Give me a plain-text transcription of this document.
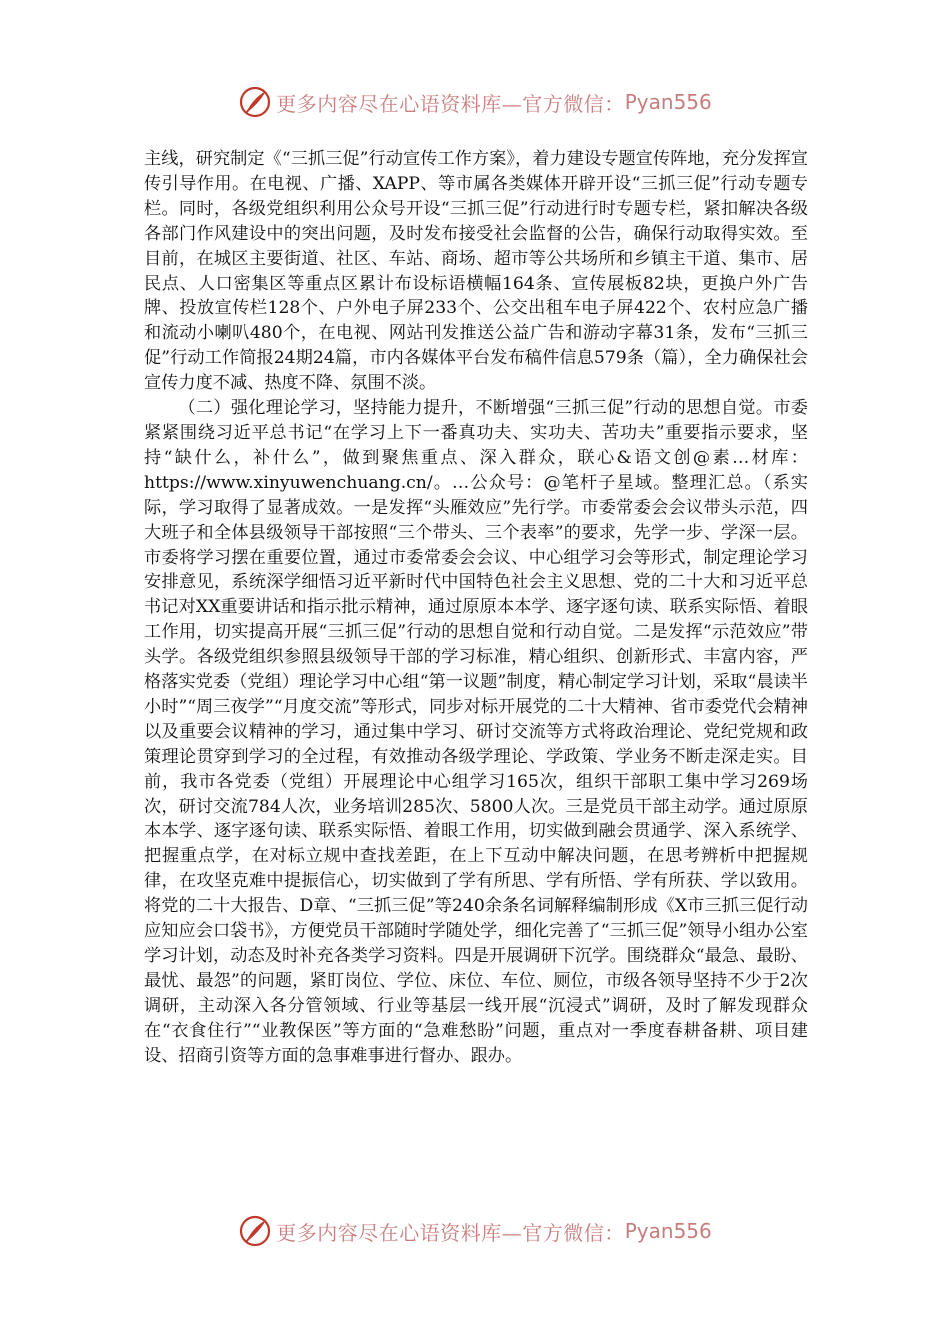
更多内容尽在心语资料库—官方微信： Pyan556

主线，研究制定《“三抓三促”行动宣传工作方案》，着力建设专题宣传阵地，充分发挥宣传引导作用。在电视、广播、XAPP、等市属各类媒体开辟开设“三抓三促”行动专题专栏。同时，各级党组织利用公众号开设“三抓三促”行动进行时专题专栏，紧扣解决各级各部门作风建设中的突出问题，及时发布接受社会监督的公告，确保行动取得实效。至目前，在城区主要街道、社区、车站、商场、超市等公共场所和乡镇主干道、集市、居民点、人口密集区等重点区累计布设标语横幅164条、宣传展板82块，更换户外广告牌、投放宣传栏128个、户外电子屏233个、公交出租车电子屏422个、农村应急广播和流动小喇叭480个，在电视、网站刊发推送公益广告和游动字幕31条，发布“三抓三促”行动工作简报24期24篇，市内各媒体平台发布稿件信息579条（篇），全力确保社会宣传力度不减、热度不降、氛围不淡。

（二）强化理论学习，坚持能力提升，不断增强“三抓三促”行动的思想自觉。市委紧紧围绕习近平总书记“在学习上下一番真功夫、实功夫、苦功夫”重要指示要求，坚持“缺什么，补什么”，做到聚焦重点、深入群众，联心&语文创@素…材库：https://www.xinyuwenchuang.cn/。…公众号：@笔杆子星域。整理汇总。（系实际，学习取得了显著成效。一是发挥“头雁效应”先行学。市委常委会会议带头示范，四大班子和全体县级领导干部按照“三个带头、三个表率”的要求，先学一步、学深一层。市委将学习摆在重要位置，通过市委常委会会议、中心组学习会等形式，制定理论学习安排意见，系统深学细悟习近平新时代中国特色社会主义思想、党的二十大和习近平总书记对XX重要讲话和指示批示精神，通过原原本本学、逐字逐句读、联系实际悟、着眼工作用，切实提高开展“三抓三促”行动的思想自觉和行动自觉。二是发挥“示范效应”带头学。各级党组织参照县级领导干部的学习标准，精心组织、创新形式、丰富内容，严格落实党委（党组）理论学习中心组“第一议题”制度，精心制定学习计划，采取“晨读半小时”“周三夜学”“月度交流”等形式，同步对标开展党的二十大精神、省市委党代会精神以及重要会议精神的学习，通过集中学习、研讨交流等方式将政治理论、党纪党规和政策理论贯穿到学习的全过程，有效推动各级学理论、学政策、学业务不断走深走实。目前，我市各党委（党组）开展理论中心组学习165次，组织干部职工集中学习269场次，研讨交流784人次，业务培训285次、5800人次。三是党员干部主动学。通过原原本本学、逐字逐句读、联系实际悟、着眼工作用，切实做到融会贯通学、深入系统学、把握重点学，在对标立规中查找差距，在上下互动中解决问题，在思考辨析中把握规律，在攻坚克难中提振信心，切实做到了学有所思、学有所悟、学有所获、学以致用。将党的二十大报告、D章、“三抓三促”等240余条名词解释编制形成《X市三抓三促行动应知应会口袋书》，方便党员干部随时学随处学，细化完善了“三抓三促”领导小组办公室学习计划，动态及时补充各类学习资料。四是开展调研下沉学。围绕群众“最急、最盼、最忧、最怨”的问题，紧盯岗位、学位、床位、车位、厕位，市级各领导坚持不少于2次调研，主动深入各分管领域、行业等基层一线开展“沉浸式”调研，及时了解发现群众在“衣食住行”“业教保医”等方面的“急难愁盼”问题，重点对一季度春耕备耕、项目建设、招商引资等方面的急事难事进行督办、跟办。

更多内容尽在心语资料库—官方微信： Pyan556
